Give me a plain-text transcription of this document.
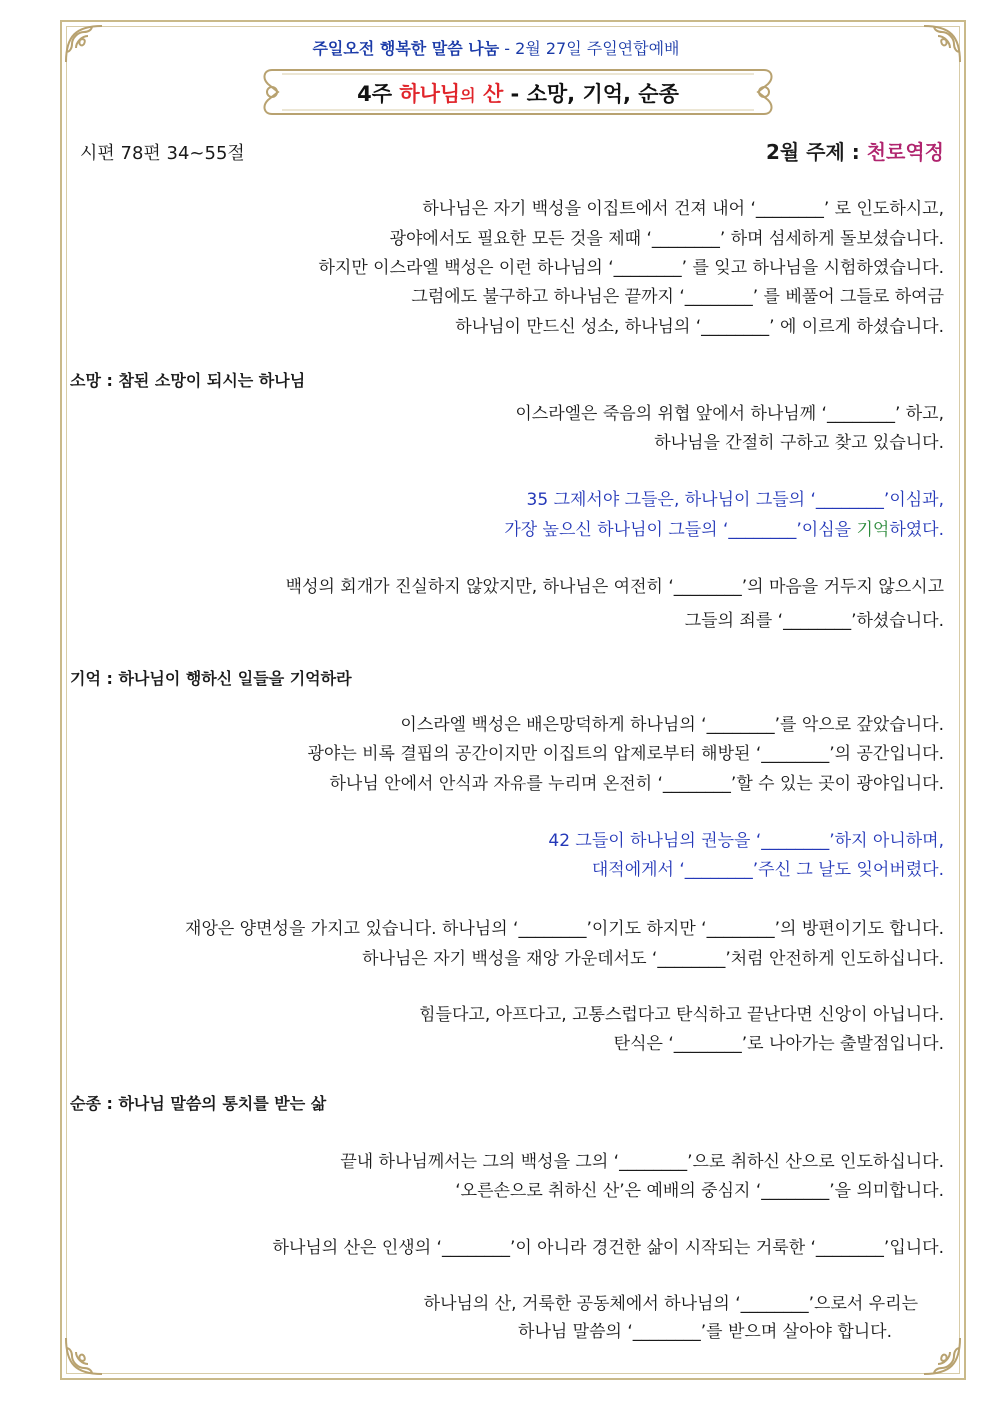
주일오전 행복한 말씀 나눔 - 2월 27일 주일연합예배
4주 하나님의 산 - 소망, 기억, 순종
시편 78편 34~55절	2월 주제 : 천로역정
하나님은 자기 백성을 이집트에서 건져 내어 ‘________’ 로 인도하시고,
광야에서도 필요한 모든 것을 제때 ‘________’ 하며 섬세하게 돌보셨습니다.
하지만 이스라엘 백성은 이런 하나님의 ‘________’ 를 잊고 하나님을 시험하였습니다.
그럼에도 불구하고 하나님은 끝까지 ‘________’ 를 베풀어 그들로 하여금
하나님이 만드신 성소, 하나님의 ‘________’ 에 이르게 하셨습니다.
소망 : 참된 소망이 되시는 하나님
이스라엘은 죽음의 위협 앞에서 하나님께 ‘________’ 하고,
하나님을 간절히 구하고 찾고 있습니다.
35 그제서야 그들은, 하나님이 그들의 ‘________’이심과,
가장 높으신 하나님이 그들의 ‘________’이심을 기억하였다.
백성의 회개가 진실하지 않았지만, 하나님은 여전히 ‘________’의 마음을 거두지 않으시고
그들의 죄를 ‘________’하셨습니다.
기억 : 하나님이 행하신 일들을 기억하라
이스라엘 백성은 배은망덕하게 하나님의 ‘________’를 악으로 갚았습니다.
광야는 비록 결핍의 공간이지만 이집트의 압제로부터 해방된 ‘________’의 공간입니다.
하나님 안에서 안식과 자유를 누리며 온전히 ‘________’할 수 있는 곳이 광야입니다.
42 그들이 하나님의 권능을 ‘________’하지 아니하며,
대적에게서 ‘________’주신 그 날도 잊어버렸다.
재앙은 양면성을 가지고 있습니다. 하나님의 ‘________’이기도 하지만 ‘________’의 방편이기도 합니다.
하나님은 자기 백성을 재앙 가운데서도 ‘________’처럼 안전하게 인도하십니다.
힘들다고, 아프다고, 고통스럽다고 탄식하고 끝난다면 신앙이 아닙니다.
탄식은 ‘________’로 나아가는 출발점입니다.
순종 : 하나님 말씀의 통치를 받는 삶
끝내 하나님께서는 그의 백성을 그의 ‘________’으로 취하신 산으로 인도하십니다.
‘오른손으로 취하신 산’은 예배의 중심지 ‘________’을 의미합니다.
하나님의 산은 인생의 ‘________’이 아니라 경건한 삶이 시작되는 거룩한 ‘________’입니다.
하나님의 산, 거룩한 공동체에서 하나님의 ‘________’으로서 우리는
하나님 말씀의 ‘________’를 받으며 살아야 합니다.
